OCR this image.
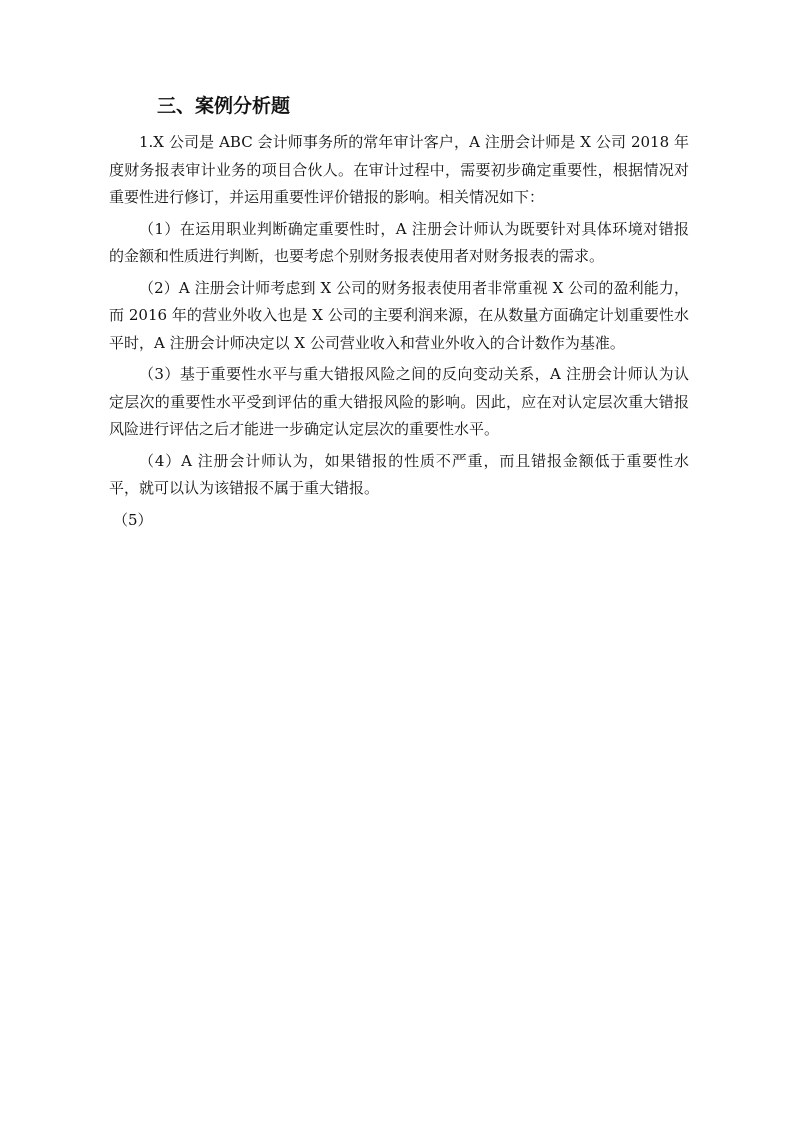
三、案例分析题

1.X 公司是 ABC 会计师事务所的常年审计客户，A 注册会计师是 X 公司 2018 年度财务报表审计业务的项目合伙人。在审计过程中，需要初步确定重要性，根据情况对重要性进行修订，并运用重要性评价错报的影响。相关情况如下：

（1）在运用职业判断确定重要性时，A 注册会计师认为既要针对具体环境对错报的金额和性质进行判断，也要考虑个别财务报表使用者对财务报表的需求。

（2）A 注册会计师考虑到 X 公司的财务报表使用者非常重视 X 公司的盈利能力，而 2016 年的营业外收入也是 X 公司的主要利润来源，在从数量方面确定计划重要性水平时，A 注册会计师决定以 X 公司营业收入和营业外收入的合计数作为基准。

（3）基于重要性水平与重大错报风险之间的反向变动关系，A 注册会计师认为认定层次的重要性水平受到评估的重大错报风险的影响。因此，应在对认定层次重大错报风险进行评估之后才能进一步确定认定层次的重要性水平。

（4）A 注册会计师认为，如果错报的性质不严重，而且错报金额低于重要性水平，就可以认为该错报不属于重大错报。

（5）
